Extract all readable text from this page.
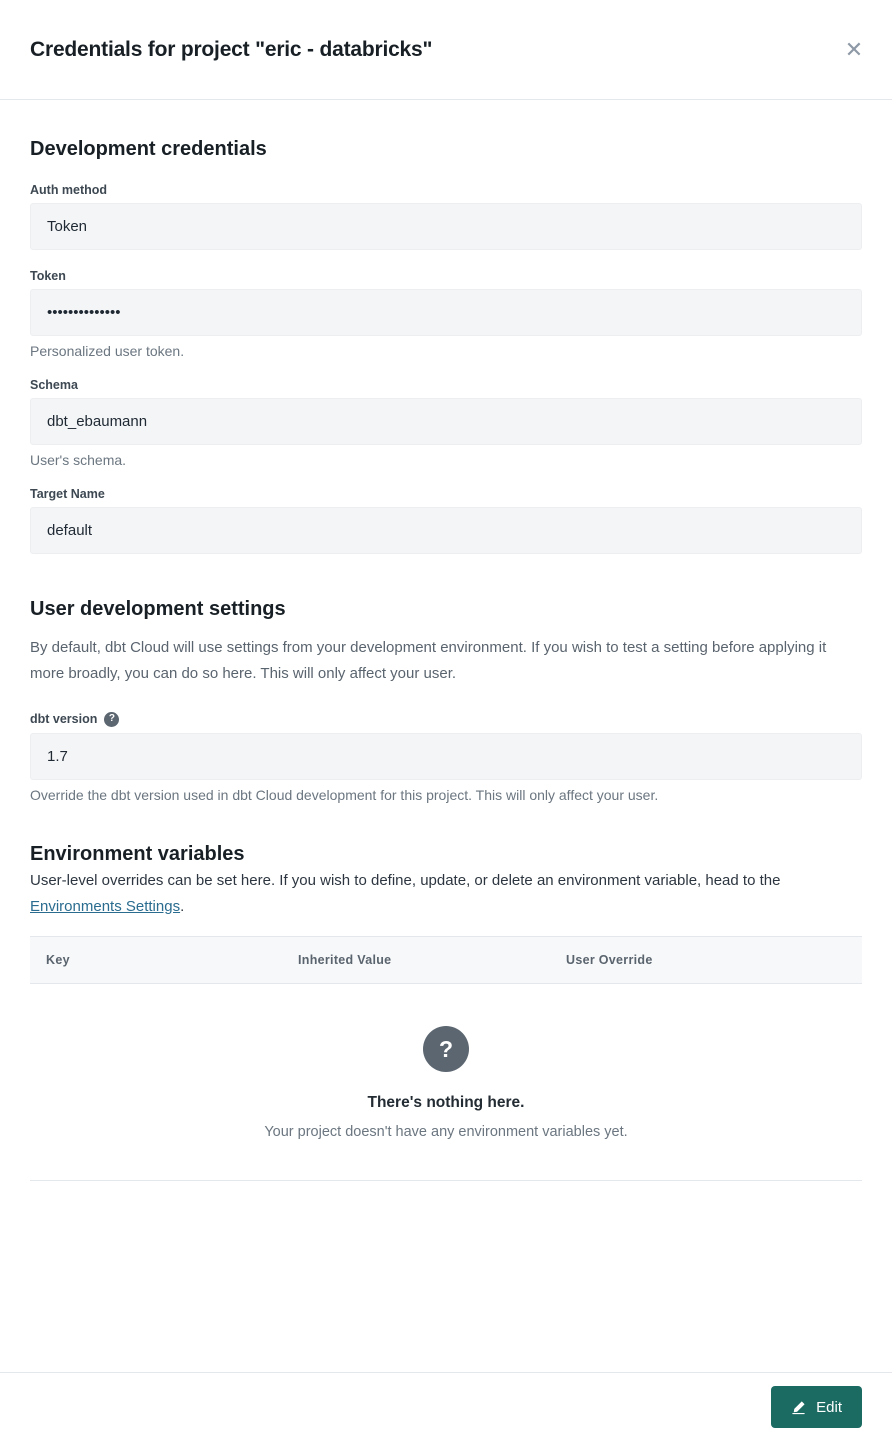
Credentials for project "eric - databricks"	✕
Development credentials
Auth method
Token
Token
••••••••••••••
Personalized user token.
Schema
dbt_ebaumann
User's schema.
Target Name
default
User development settings
By default, dbt Cloud will use settings from your development environment. If you wish to test a setting before applying it more broadly, you can do so here. This will only affect your user.
dbt version	?
1.7
Override the dbt version used in dbt Cloud development for this project. This will only affect your user.
Environment variables
User-level overrides can be set here. If you wish to define, update, or delete an environment variable, head to the Environments Settings.
Key	Inherited Value	User Override
?
There's nothing here.
Your project doesn't have any environment variables yet.
Edit
